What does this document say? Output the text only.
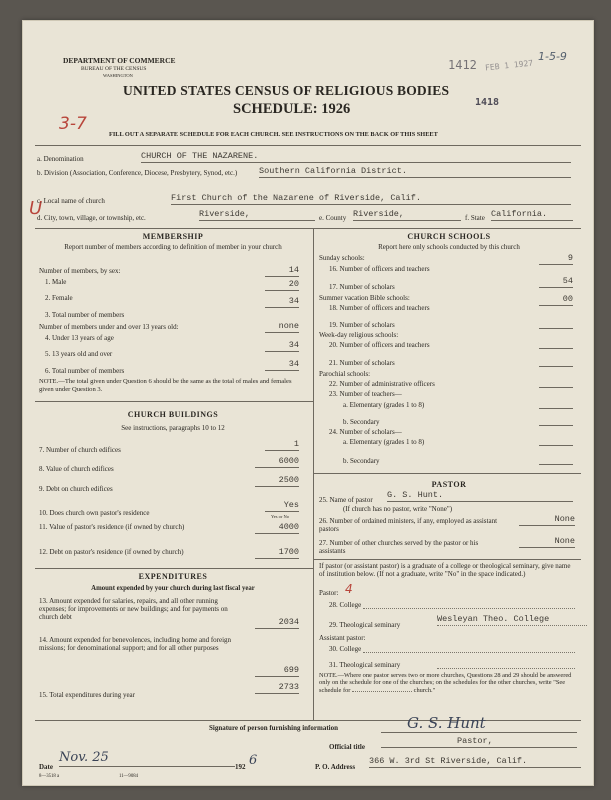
DEPARTMENT OF COMMERCE
BUREAU OF THE CENSUS
WASHINGTON
UNITED STATES CENSUS OF RELIGIOUS BODIES
SCHEDULE: 1926
FILL OUT A SEPARATE SCHEDULE FOR EACH CHURCH. SEE INSTRUCTIONS ON THE BACK OF THIS SHEET
1412 FEB 1 1927
1418
1-5-9
3-7
U
a. Denomination	CHURCH OF THE NAZARENE.
b. Division (Association, Conference, Diocese, Presbytery, Synod, etc.)	Southern California District.
c. Local name of church	First Church of the Nazarene of Riverside, Calif.
d. City, town, village, or township, etc.	Riverside,	e. County Riverside,	f. State California.
MEMBERSHIP
Report number of members according to definition of member in your church
Number of members, by sex:
1. Male
14
2. Female
20
3. Total number of members
34
Number of members under and over 13 years old:
4. Under 13 years of age
none
5. 13 years old and over
34
6. Total number of members
34
NOTE.—The total given under Question 6 should be the same as the total of males and females given under Question 3.
CHURCH BUILDINGS
See instructions, paragraphs 10 to 12
7. Number of church edifices
1
8. Value of church edifices
6000
9. Debt on church edifices
2500
10. Does church own pastor's residence
Yes
Yes or No
11. Value of pastor's residence (if owned by church)	4000
12. Debt on pastor's residence (if owned by church)	1700
EXPENDITURES
Amount expended by your church during last fiscal year
13. Amount expended for salaries, repairs, and all other running expenses; for improvements or new buildings; and for payments on church debt	2034
14. Amount expended for benevolences, including home and foreign missions; for denominational support; and for all other purposes
699
15. Total expenditures during year
2733
CHURCH SCHOOLS
Report here only schools conducted by this church
Sunday schools:
16. Number of officers and teachers
9
17. Number of scholars
54
Summer vacation Bible schools:
18. Number of officers and teachers
00
19. Number of scholars
Week-day religious schools:
20. Number of officers and teachers
21. Number of scholars
Parochial schools:
22. Number of administrative officers
23. Number of teachers—
a. Elementary (grades 1 to 8)
b. Secondary
24. Number of scholars—
a. Elementary (grades 1 to 8)
b. Secondary
PASTOR
25. Name of pastor G. S. Hunt.
(If church has no pastor, write "None")
26. Number of ordained ministers, if any, employed as assistant pastors
None
27. Number of other churches served by the pastor or his assistants
None
If pastor (or assistant pastor) is a graduate of a college or theological seminary, give name of institution below. (If not a graduate, write "No" in the space indicated.)
Pastor: 4
28. College
29. Theological seminary
Wesleyan Theo. College
Assistant pastor:
30. College
31. Theological seminary
NOTE.—Where one pastor serves two or more churches, Questions 28 and 29 should be answered only on the schedule for one of the churches; on the schedules for the other churches, write "See schedule for	church."
Signature of person furnishing information	G. S. Hunt
Official title
Pastor,
Date
Nov. 25
192 6	P. O. Address
366 W. 3rd St Riverside, Calif.
8—3518 a	11—9084
